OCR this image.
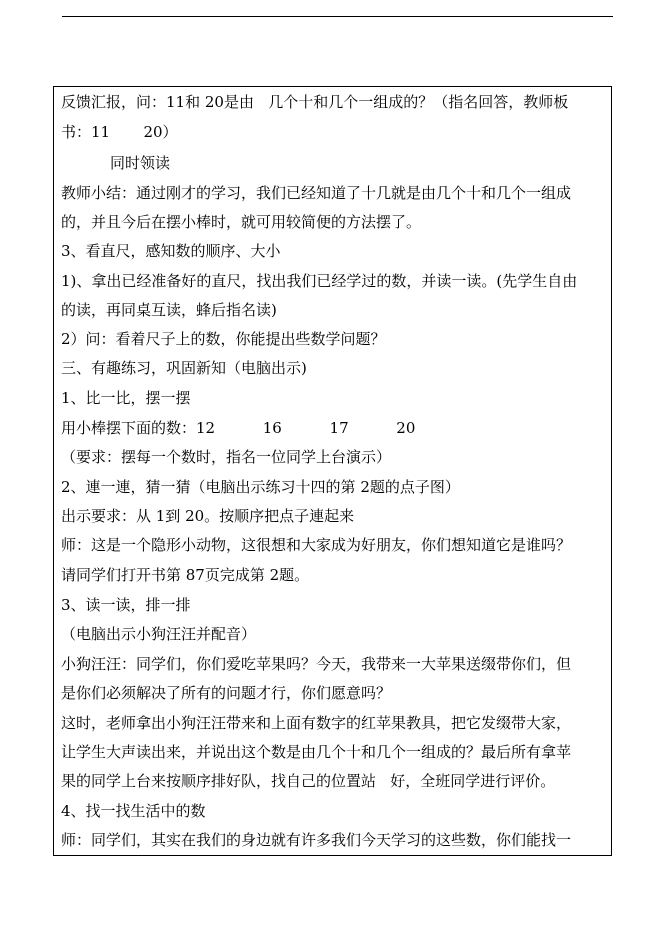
反馈汇报，问：11和 20是由   几个十和几个一组成的？（指名回答，教师板
书：11       20）
同时领读
教师小结：通过刚才的学习，我们已经知道了十几就是由几个十和几个一组成
的，并且今后在摆小棒时，就可用较简便的方法摆了。
3、看直尺，感知数的顺序、大小
1)、拿出已经准备好的直尺，找出我们已经学过的数，并读一读。(先学生自由
的读，再同桌互读，蜂后指名读)
2）问：看着尺子上的数，你能提出些数学问题？
三、有趣练习，巩固新知（电脑出示)
1、比一比，摆一摆
用小棒摆下面的数：12          16          17          20
（要求：摆每一个数时，指名一位同学上台演示）
2、連一連，猜一猜（电脑出示练习十四的第 2题的点子图）
出示要求：从 1到 20。按顺序把点子連起来
师：这是一个隐形小动物，这很想和大家成为好朋友，你们想知道它是谁吗？
请同学们打开书第 87页完成第 2题。
3、读一读，排一排
（电脑出示小狗汪汪并配音）
小狗汪汪：同学们，你们爱吃苹果吗？今天，我带来一大苹果送缀带你们，但
是你们必须解决了所有的问题才行，你们愿意吗？
这时，老师拿出小狗汪汪带来和上面有数字的红苹果教具，把它发缀带大家，
让学生大声读出来，并说出这个数是由几个十和几个一组成的？最后所有拿苹
果的同学上台来按顺序排好队，找自己的位置站   好，全班同学进行评价。
4、找一找生活中的数
师：同学们，其实在我们的身边就有许多我们今天学习的这些数，你们能找一
